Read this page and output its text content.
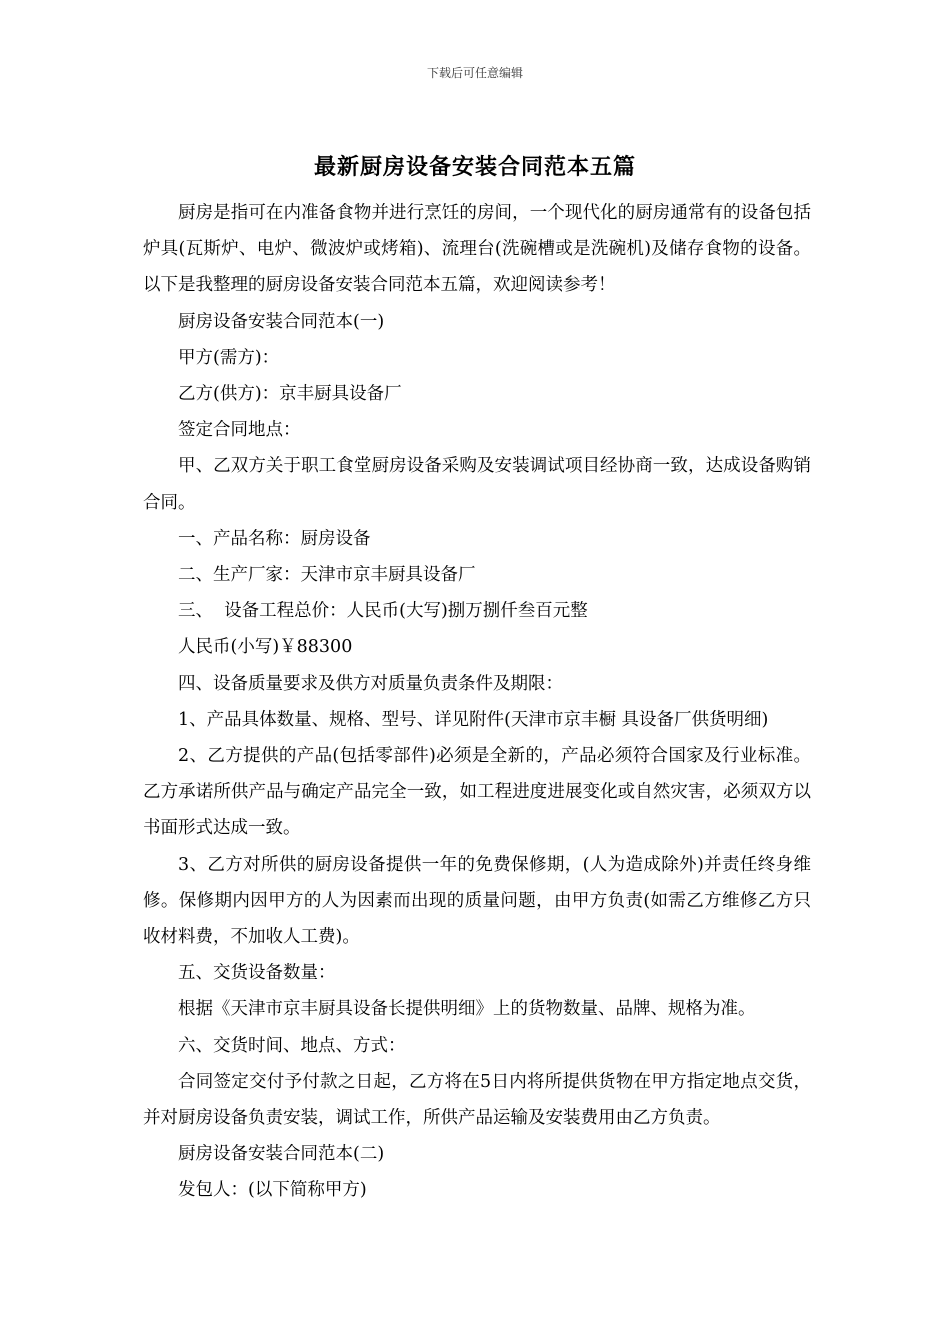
下载后可任意编辑
最新厨房设备安装合同范本五篇

厨房是指可在内准备食物并进行烹饪的房间，一个现代化的厨房通常有的设备包括炉具(瓦斯炉、电炉、微波炉或烤箱)、流理台(洗碗槽或是洗碗机)及储存食物的设备。以下是我整理的厨房设备安装合同范本五篇，欢迎阅读参考！

厨房设备安装合同范本(一)

甲方(需方)：

乙方(供方)：京丰厨具设备厂

签定合同地点：

甲、乙双方关于职工食堂厨房设备采购及安装调试项目经协商一致，达成设备购销合同。

一、产品名称：厨房设备

二、生产厂家：天津市京丰厨具设备厂

三、  设备工程总价：人民币(大写)捌万捌仟叁百元整

人民币(小写)￥88300

四、设备质量要求及供方对质量负责条件及期限：

1、产品具体数量、规格、型号、详见附件(天津市京丰橱 具设备厂供货明细)

2、乙方提供的产品(包括零部件)必须是全新的，产品必须符合国家及行业标准。乙方承诺所供产品与确定产品完全一致，如工程进度进展变化或自然灾害，必须双方以书面形式达成一致。

3、乙方对所供的厨房设备提供一年的免费保修期，(人为造成除外)并责任终身维修。保修期内因甲方的人为因素而出现的质量问题，由甲方负责(如需乙方维修乙方只收材料费，不加收人工费)。

五、交货设备数量：

根据《天津市京丰厨具设备长提供明细》上的货物数量、品牌、规格为准。

六、交货时间、地点、方式：

合同签定交付予付款之日起，乙方将在5日内将所提供货物在甲方指定地点交货，并对厨房设备负责安装，调试工作，所供产品运输及安装费用由乙方负责。

厨房设备安装合同范本(二)

发包人：(以下简称甲方)
